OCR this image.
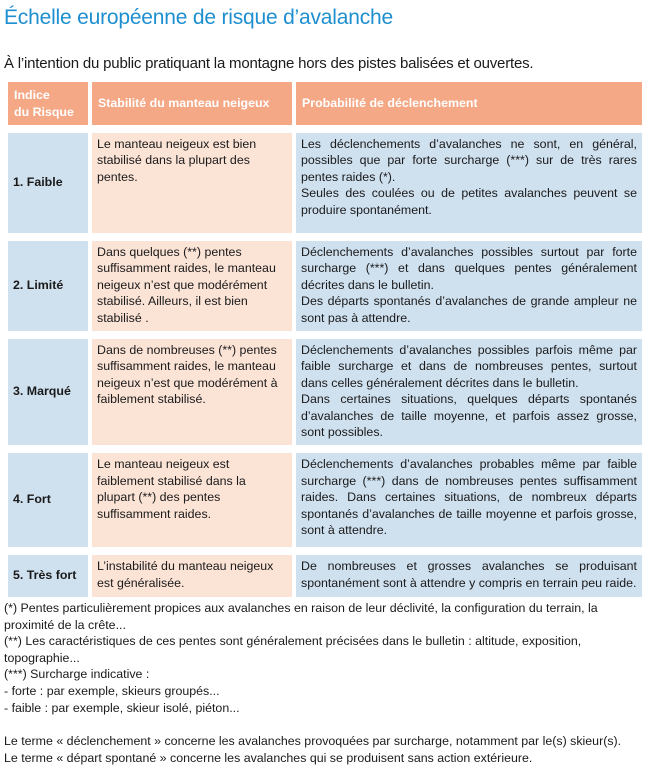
Échelle européenne de risque d’avalanche

À l’intention du public pratiquant la montagne hors des pistes balisées et ouvertes.

Indice
du Risque	Stabilité du manteau neigeux	Probabilité de déclenchement

1. Faible	Le manteau neigeux est bien stabilisé dans la plupart des pentes.	Les déclenchements d’avalanches ne sont, en général, possibles que par forte surcharge (***) sur de très rares pentes raides (*).
Seules des coulées ou de petites avalanches peuvent se produire spontanément.

2. Limité	Dans quelques (**) pentes suffisamment raides, le manteau neigeux n’est que modérément stabilisé. Ailleurs, il est bien stabilisé .	Déclenchements d’avalanches possibles surtout par forte surcharge (***) et dans quelques pentes généralement décrites dans le bulletin.
Des départs spontanés d’avalanches de grande ampleur ne sont pas à attendre.

3. Marqué	Dans de nombreuses (**) pentes suffisamment raides, le manteau neigeux n’est que modérément à faiblement stabilisé.	Déclenchements d’avalanches possibles parfois même par faible surcharge et dans de nombreuses pentes, surtout dans celles généralement décrites dans le bulletin.
Dans certaines situations, quelques départs spontanés d’avalanches de taille moyenne, et parfois assez grosse, sont possibles.

4. Fort	Le manteau neigeux est faiblement stabilisé dans la plupart (**) des pentes suffisamment raides.	Déclenchements d’avalanches probables même par faible surcharge (***) dans de nombreuses pentes suffisamment raides. Dans certaines situations, de nombreux départs spontanés d’avalanches de taille moyenne et parfois grosse, sont à attendre.

5. Très fort	L’instabilité du manteau neigeux est généralisée.	De nombreuses et grosses avalanches se produisant spontanément sont à attendre y compris en terrain peu raide.

(*) Pentes particulièrement propices aux avalanches en raison de leur déclivité, la configuration du terrain, la proximité de la crête...

(**) Les caractéristiques de ces pentes sont généralement précisées dans le bulletin : altitude, exposition, topographie...

(***) Surcharge indicative :

- forte : par exemple, skieurs groupés...

- faible : par exemple, skieur isolé, piéton...

Le terme « déclenchement » concerne les avalanches provoquées par surcharge, notamment par le(s) skieur(s).

Le terme « départ spontané » concerne les avalanches qui se produisent sans action extérieure.
